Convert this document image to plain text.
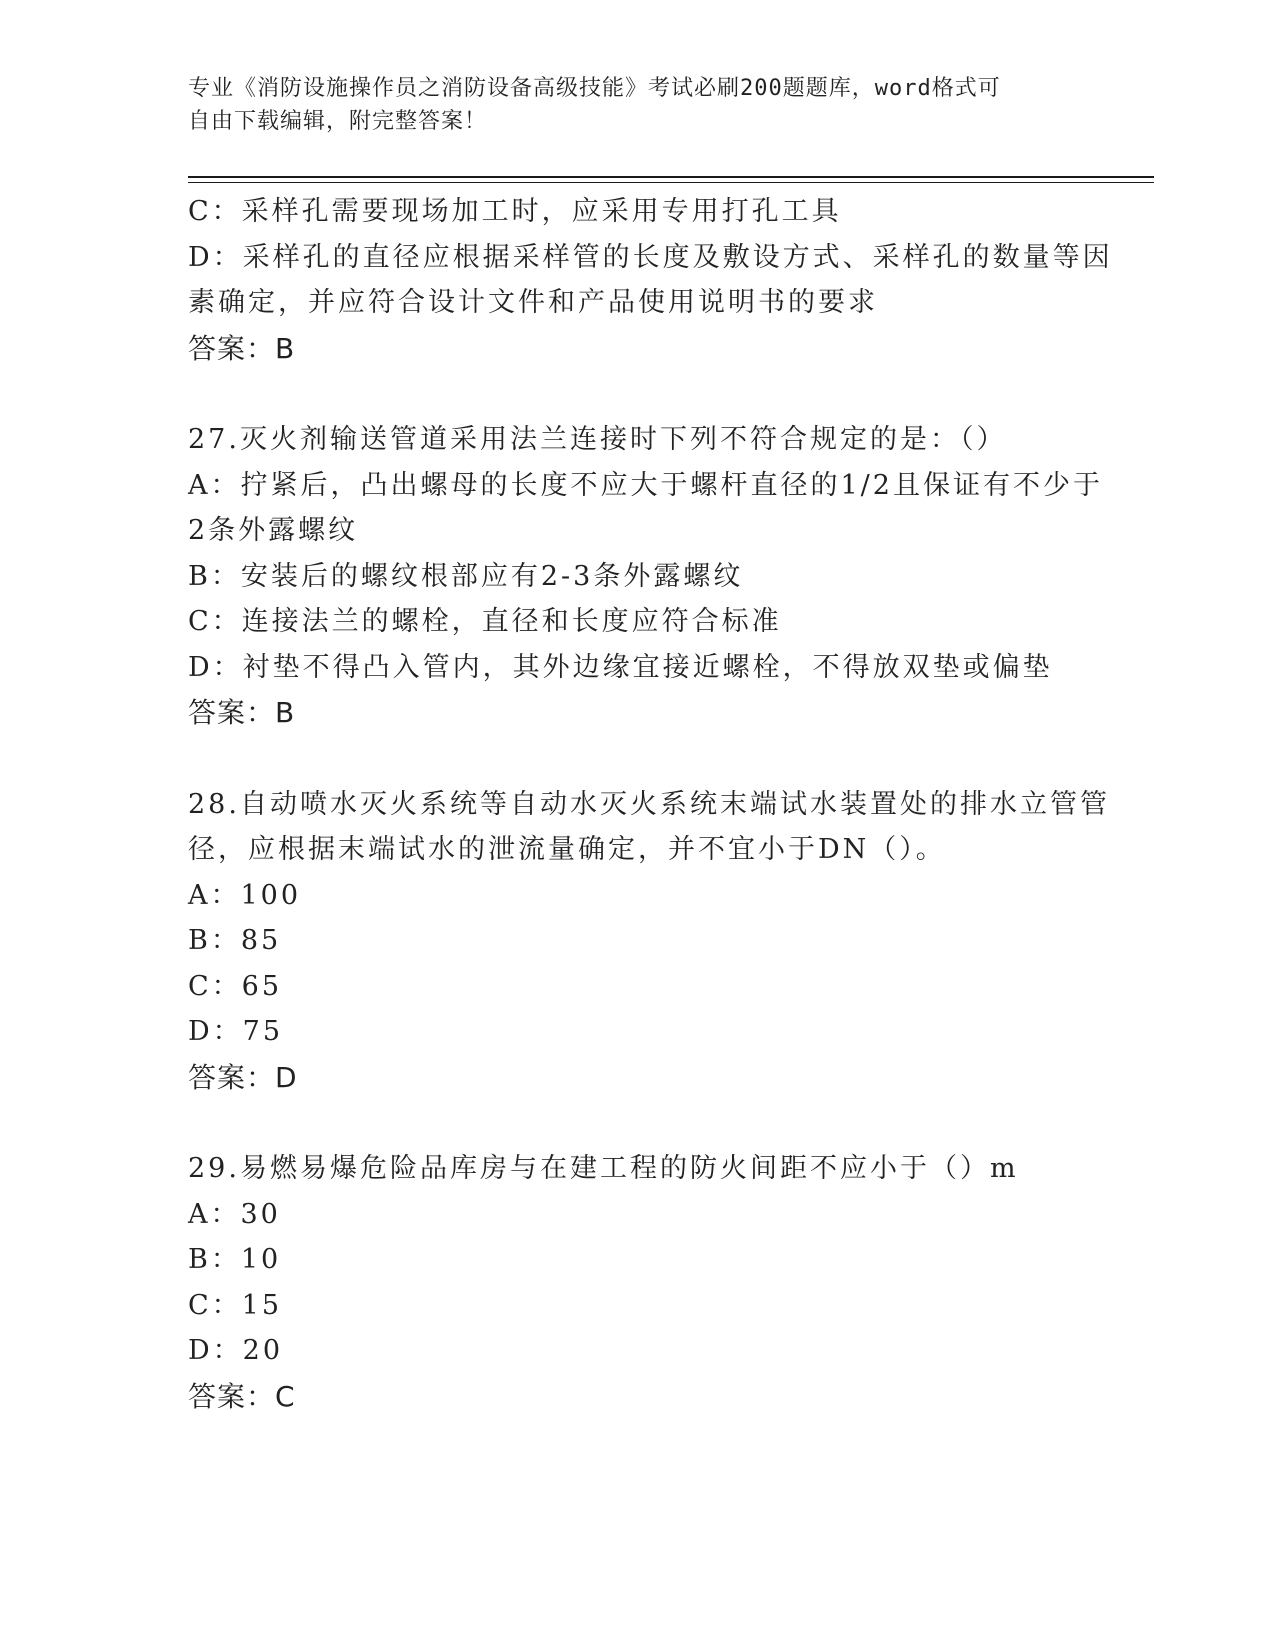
专业《消防设施操作员之消防设备高级技能》考试必刷200题题库，word格式可
自由下载编辑，附完整答案！
C：采样孔需要现场加工时，应采用专用打孔工具
D：采样孔的直径应根据采样管的长度及敷设方式、采样孔的数量等因
素确定，并应符合设计文件和产品使用说明书的要求
答案：B
27.灭火剂输送管道采用法兰连接时下列不符合规定的是：（）
A：拧紧后，凸出螺母的长度不应大于螺杆直径的1/2且保证有不少于
2条外露螺纹
B：安装后的螺纹根部应有2-3条外露螺纹
C：连接法兰的螺栓，直径和长度应符合标准
D：衬垫不得凸入管内，其外边缘宜接近螺栓，不得放双垫或偏垫
答案：B
28.自动喷水灭火系统等自动水灭火系统末端试水装置处的排水立管管
径，应根据末端试水的泄流量确定，并不宜小于DN（）。
A：100
B：85
C：65
D：75
答案：D
29.易燃易爆危险品库房与在建工程的防火间距不应小于（）m
A：30
B：10
C：15
D：20
答案：C
